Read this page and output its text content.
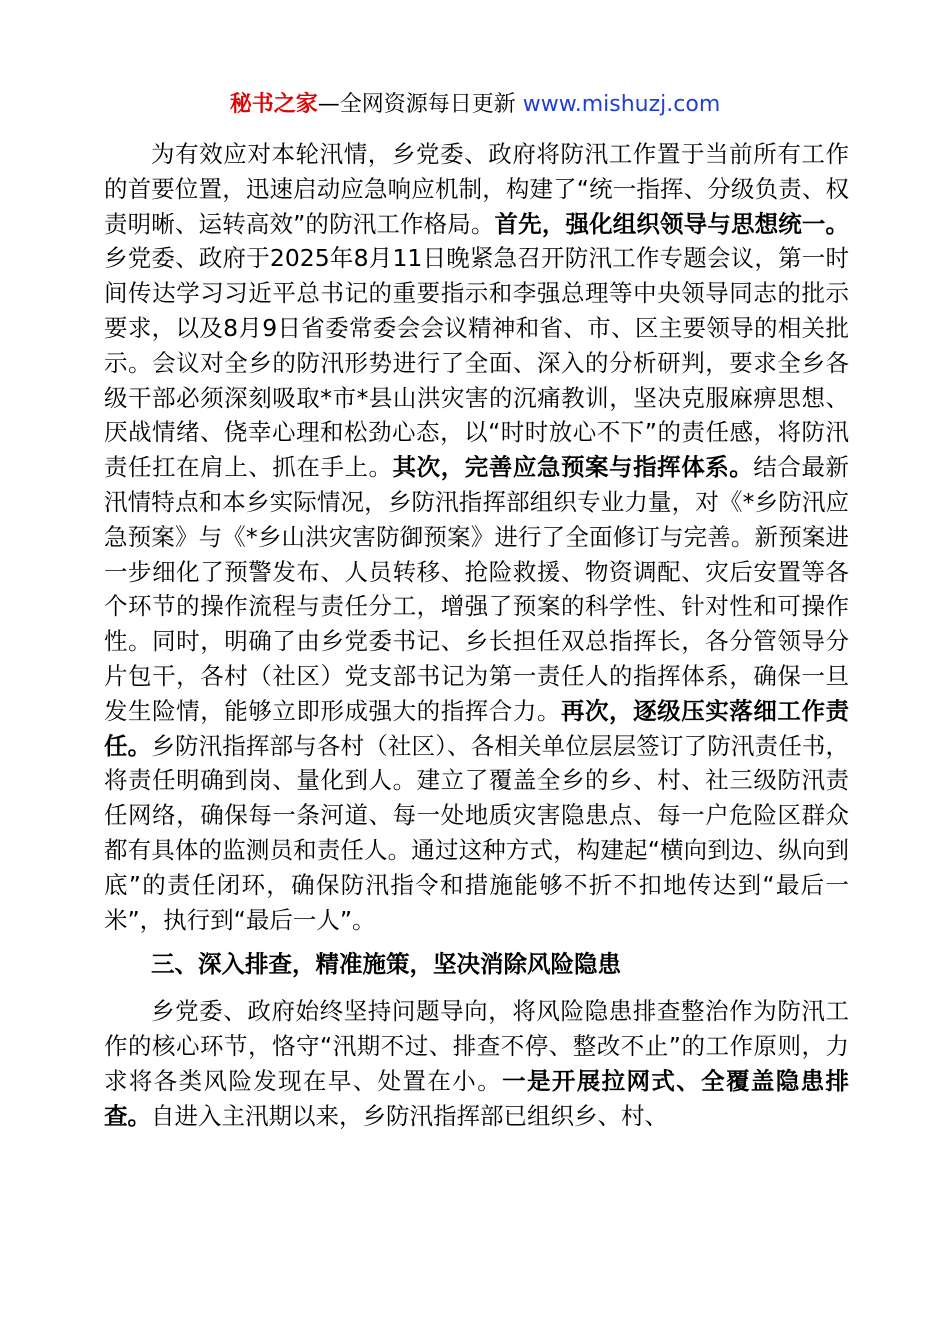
秘书之家—全网资源每日更新 www.mishuzj.com

为有效应对本轮汛情，乡党委、政府将防汛工作置于当前所有工作的首要位置，迅速启动应急响应机制，构建了“统一指挥、分级负责、权责明晰、运转高效”的防汛工作格局。首先，强化组织领导与思想统一。乡党委、政府于2025年8月11日晚紧急召开防汛工作专题会议，第一时间传达学习习近平总书记的重要指示和李强总理等中央领导同志的批示要求，以及8月9日省委常委会会议精神和省、市、区主要领导的相关批示。会议对全乡的防汛形势进行了全面、深入的分析研判，要求全乡各级干部必须深刻吸取*市*县山洪灾害的沉痛教训，坚决克服麻痹思想、厌战情绪、侥幸心理和松劲心态，以“时时放心不下”的责任感，将防汛责任扛在肩上、抓在手上。其次，完善应急预案与指挥体系。结合最新汛情特点和本乡实际情况，乡防汛指挥部组织专业力量，对《*乡防汛应急预案》与《*乡山洪灾害防御预案》进行了全面修订与完善。新预案进一步细化了预警发布、人员转移、抢险救援、物资调配、灾后安置等各个环节的操作流程与责任分工，增强了预案的科学性、针对性和可操作性。同时，明确了由乡党委书记、乡长担任双总指挥长，各分管领导分片包干，各村（社区）党支部书记为第一责任人的指挥体系，确保一旦发生险情，能够立即形成强大的指挥合力。再次，逐级压实落细工作责任。乡防汛指挥部与各村（社区）、各相关单位层层签订了防汛责任书，将责任明确到岗、量化到人。建立了覆盖全乡的乡、村、社三级防汛责任网络，确保每一条河道、每一处地质灾害隐患点、每一户危险区群众都有具体的监测员和责任人。通过这种方式，构建起“横向到边、纵向到底”的责任闭环，确保防汛指令和措施能够不折不扣地传达到“最后一米”，执行到“最后一人”。

三、深入排查，精准施策，坚决消除风险隐患

乡党委、政府始终坚持问题导向，将风险隐患排查整治作为防汛工作的核心环节，恪守“汛期不过、排查不停、整改不止”的工作原则，力求将各类风险发现在早、处置在小。一是开展拉网式、全覆盖隐患排查。自进入主汛期以来，乡防汛指挥部已组织乡、村、
